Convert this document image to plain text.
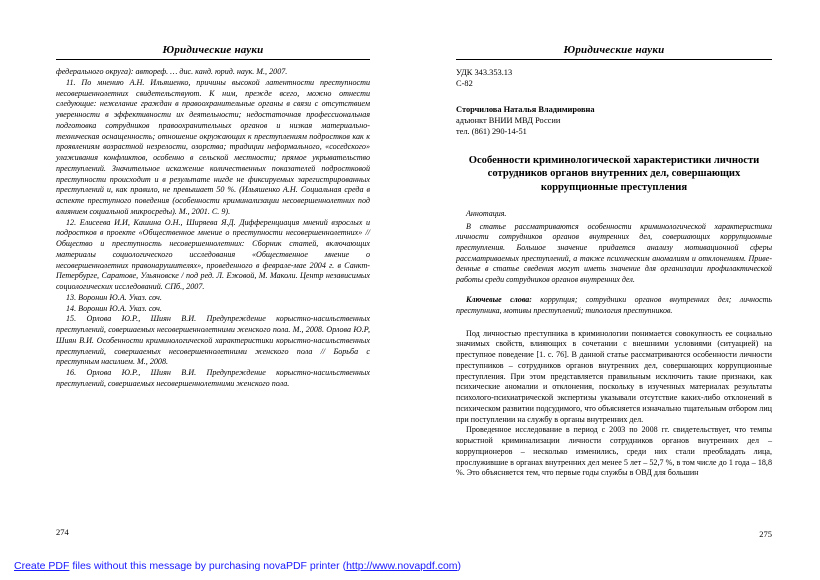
Юридические науки

федерального округа): автореф. … дис. канд. юрид. наук. М., 2007.

11. По мнению А.Н. Ильяшенко, причины высокой латентности преступности несовершеннолетних свидетельствуют. К ним, прежде всего, можно отнести следующие: нежелание граждан в правоохранительные органы в связи с отсутствием уверенности в эффективности их деятельности; недостаточная профессиональная подготовка сотрудников правоохранительных органов и низкая материально-техническая оснащенность; отношение окружающих к преступлениям подростков как к проявлениям возрастной незрелости, озорства; традиции неформального, «соседского» улаживания конфликтов, особенно в сельской местности; прямое укрывательство преступлений. Значительное искажение количественных показателей подростковой преступности происходит и в результате нигде не фиксируемых зарегистрированных преступлений и, как правило, не превышает 50 %. (Ильяшенко А.Н. Социальная среда в аспекте преступного поведения (особенности криминализации несовершеннолетних под влиянием социальной микросреды). М., 2001. С. 9).

12. Елисеева И.И, Кашина О.Н., Ширяева Я.Д. Дифференциация мнений взрослых и подростков в проекте «Общественное мнение о преступности несовершеннолетних» // Общество и преступность несовершеннолетних: Сборник статей, включающих материалы социологического исследования «Общественное мнение о несовершеннолетних правонарушителях», проведенного в феврале-мае 2004 г. в Санкт-Петербурге, Саратове, Ульяновске / под ред. Л. Ежовой, М. Маколи. Центр независимых социологических исследований. СПб., 2007.

13. Воронин Ю.А. Указ. соч.

14. Воронин Ю.А. Указ. соч.

15. Орлова Ю.Р., Шиян В.И. Предупреждение корыстно-насильственных преступлений, совершаемых несовершеннолетними женского пола. М., 2008. Орлова Ю.Р, Шиян В.И. Особенности криминологической характеристики корыстно-насильственных преступлений, совершаемых несовершеннолетними женского пола // Борьба с преступным насилием. М., 2008.

16. Орлова Ю.Р., Шиян В.И. Предупреждение корыстно-насильственных преступлений, совершаемых несовершеннолетними женского пола.

274
Юридические науки
УДК 343.353.13
С-82
Сторчилова Наталья Владимировна
адъюнкт ВНИИ МВД России
тел. (861) 290-14-51
Особенности криминологической характеристики личности сотрудников органов внутренних дел, совершающих коррупционные преступления
Аннотация.
В статье рассматриваются особенности криминологической характеристики личности сотрудников органов внутренних дел, совершающих коррупционные преступления. Большое значение придается анализу мотивационной сферы рассматриваемых преступлений, а также психическим аномалиям и отклонениям. Приведенные в статье сведения могут иметь значение для организации профилактической работы среди сотрудников органов внутренних дел.
Ключевые слова: коррупция; сотрудники органов внутренних дел; личность преступника, мотивы преступлений; типология преступников.

Под личностью преступника в криминологии понимается совокупность ее социально значимых свойств, влияющих в сочетании с внешними условиями (ситуацией) на преступное поведение [1. с. 76]. В данной статье рассматриваются особенности личности преступников – сотрудников органов внутренних дел, совершающих коррупционные преступления. При этом представляется правильным исключить такие признаки, как психические аномалии и отклонения, поскольку в изученных материалах результаты психолого-психиатрической экспертизы указывали отсутствие каких-либо отклонений в психическом развитии подсудимого, что объясняется изначально тщательным отбором лиц при поступлении на службу в органы внутренних дел.

Проведенное исследование в период с 2003 по 2008 гг. свидетельствует, что темпы корыстной криминализации личности сотрудников органов внутренних дел – коррупционеров – несколько изменились, среди них стали преобладать лица, прослужившие в органах внутренних дел менее 5 лет – 52,7 %, в том числе до 1 года – 18,8 %. Это объясняется тем, что первые годы службы в ОВД для большин

275
Create PDF files without this message by purchasing novaPDF printer (http://www.novapdf.com)
